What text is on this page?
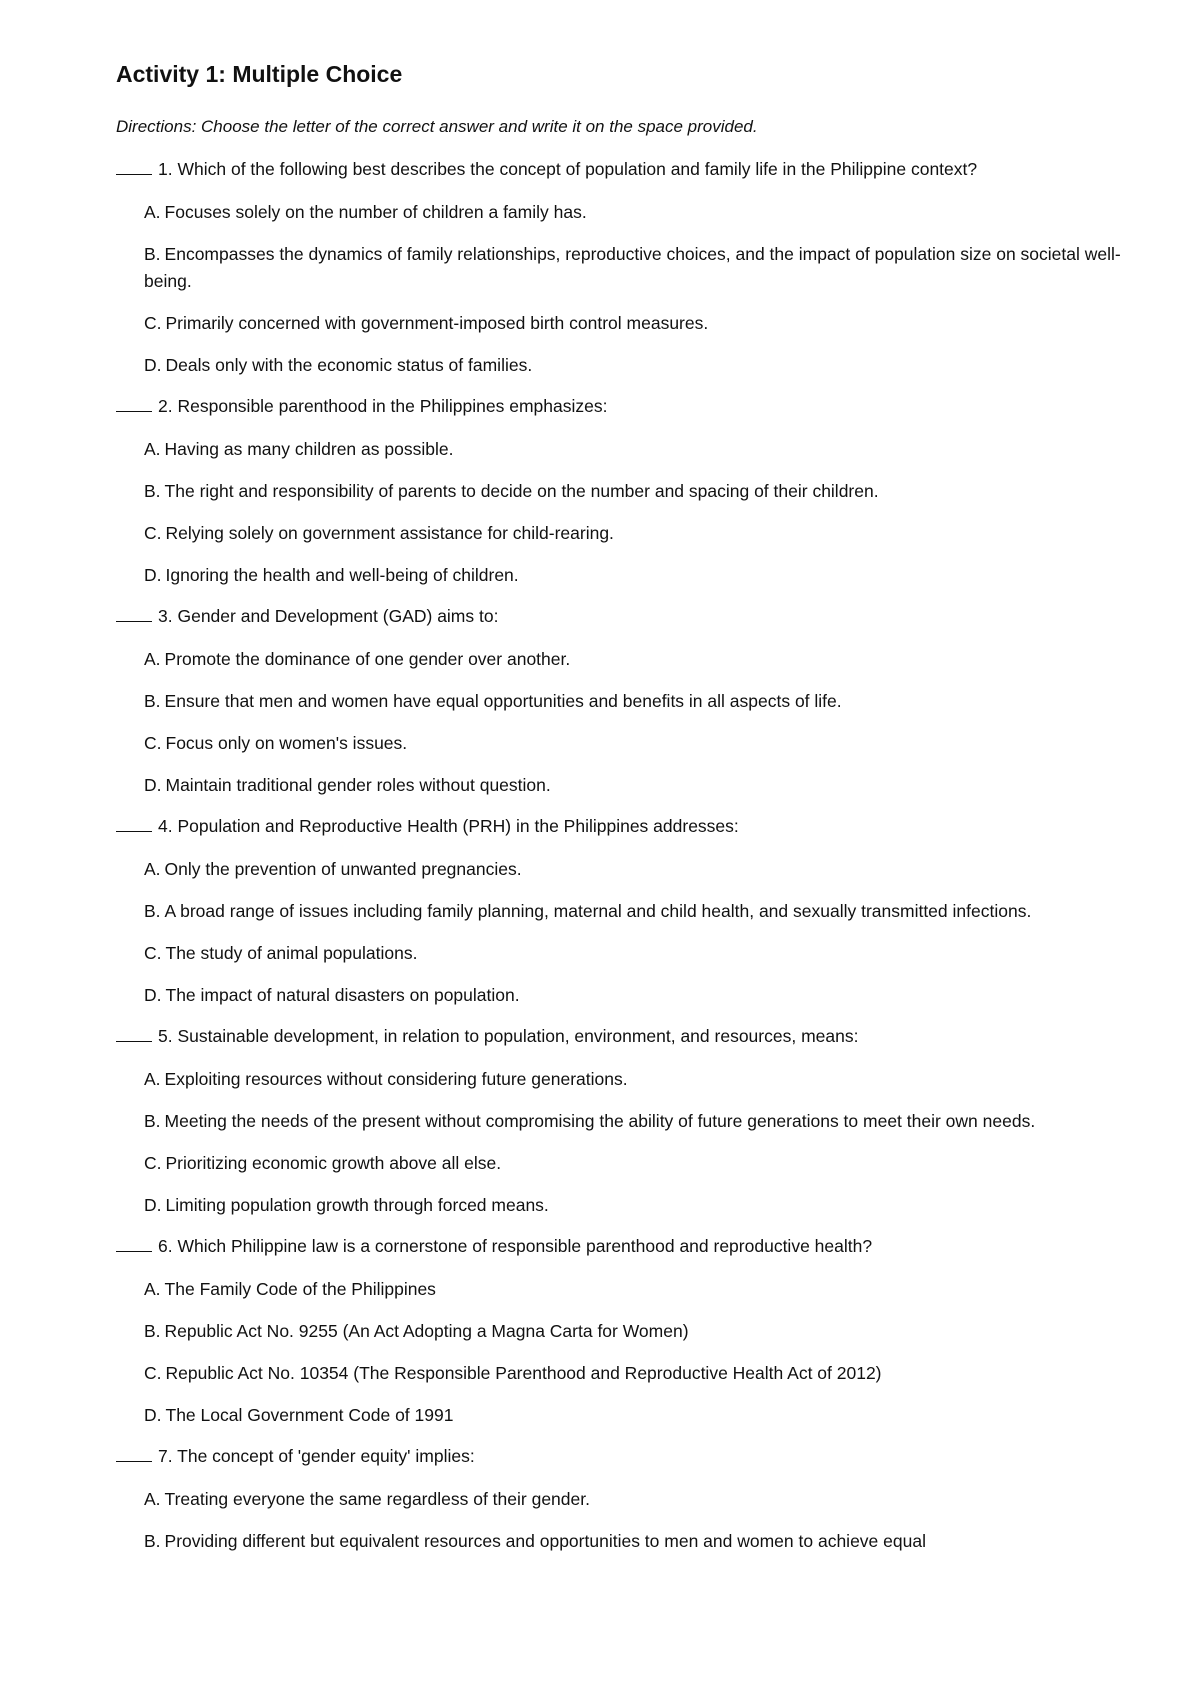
Activity 1: Multiple Choice

Directions: Choose the letter of the correct answer and write it on the space provided.

1. Which of the following best describes the concept of population and family life in the Philippine context?

A. Focuses solely on the number of children a family has.

B. Encompasses the dynamics of family relationships, reproductive choices, and the impact of population size on societal well-being.

C. Primarily concerned with government-imposed birth control measures.

D. Deals only with the economic status of families.

2. Responsible parenthood in the Philippines emphasizes:

A. Having as many children as possible.

B. The right and responsibility of parents to decide on the number and spacing of their children.

C. Relying solely on government assistance for child-rearing.

D. Ignoring the health and well-being of children.

3. Gender and Development (GAD) aims to:

A. Promote the dominance of one gender over another.

B. Ensure that men and women have equal opportunities and benefits in all aspects of life.

C. Focus only on women's issues.

D. Maintain traditional gender roles without question.

4. Population and Reproductive Health (PRH) in the Philippines addresses:

A. Only the prevention of unwanted pregnancies.

B. A broad range of issues including family planning, maternal and child health, and sexually transmitted infections.

C. The study of animal populations.

D. The impact of natural disasters on population.

5. Sustainable development, in relation to population, environment, and resources, means:

A. Exploiting resources without considering future generations.

B. Meeting the needs of the present without compromising the ability of future generations to meet their own needs.

C. Prioritizing economic growth above all else.

D. Limiting population growth through forced means.

6. Which Philippine law is a cornerstone of responsible parenthood and reproductive health?

A. The Family Code of the Philippines

B. Republic Act No. 9255 (An Act Adopting a Magna Carta for Women)

C. Republic Act No. 10354 (The Responsible Parenthood and Reproductive Health Act of 2012)

D. The Local Government Code of 1991

7. The concept of 'gender equity' implies:

A. Treating everyone the same regardless of their gender.

B. Providing different but equivalent resources and opportunities to men and women to achieve equal
